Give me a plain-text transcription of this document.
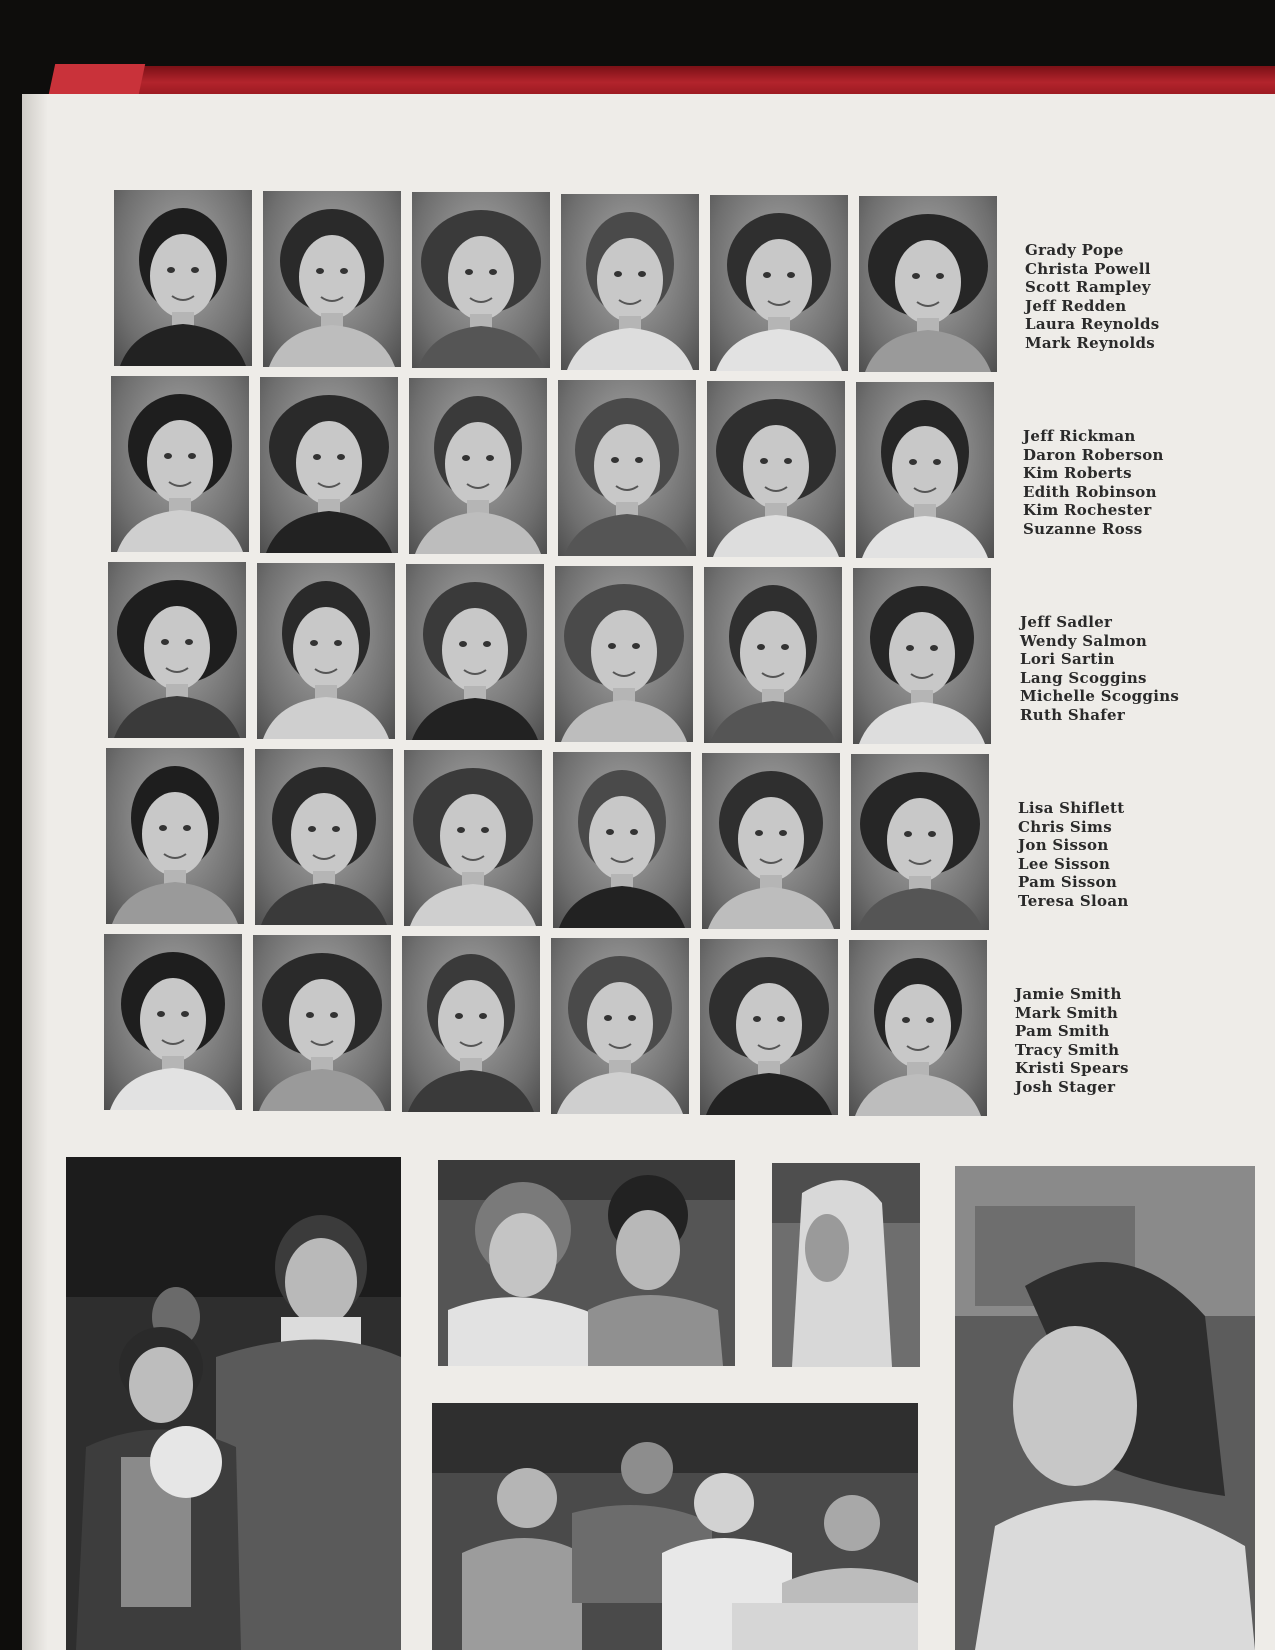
Grady Pope
Christa Powell
Scott Rampley
Jeff Redden
Laura Reynolds
Mark Reynolds
Jeff Rickman
Daron Roberson
Kim Roberts
Edith Robinson
Kim Rochester
Suzanne Ross
Jeff Sadler
Wendy Salmon
Lori Sartin
Lang Scoggins
Michelle Scoggins
Ruth Shafer
Lisa Shiflett
Chris Sims
Jon Sisson
Lee Sisson
Pam Sisson
Teresa Sloan
Jamie Smith
Mark Smith
Pam Smith
Tracy Smith
Kristi Spears
Josh Stager
